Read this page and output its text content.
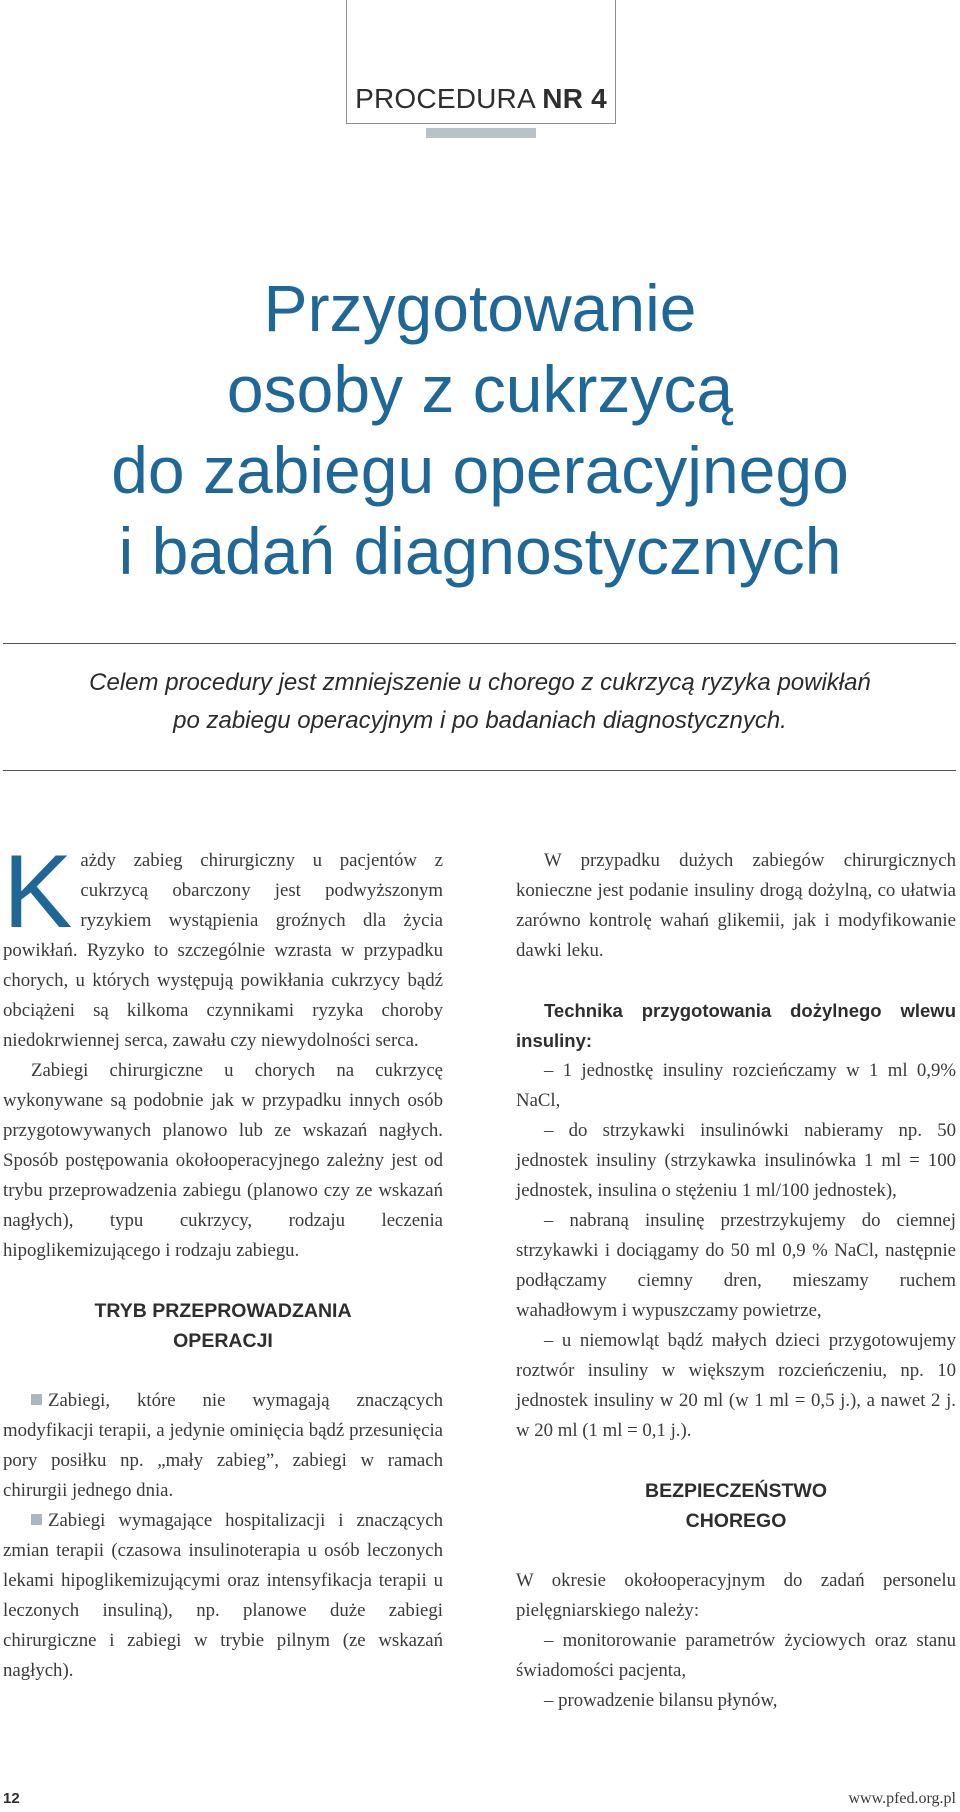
PROCEDURA NR 4
Przygotowanie
osoby z cukrzycą
do zabiegu operacyjnego
i badań diagnostycznych
Celem procedury jest zmniejszenie u chorego z cukrzycą ryzyka powikłań
po zabiegu operacyjnym i po badaniach diagnostycznych.

Każdy zabieg chirurgiczny u pacjentów z cukrzycą obarczony jest podwyższonym ryzykiem wystąpienia groźnych dla życia powikłań. Ryzyko to szczególnie wzrasta w przypadku chorych, u których występują powikłania cukrzycy bądź obciążeni są kilkoma czynnikami ryzyka choroby niedokrwiennej serca, zawału czy niewydolności serca.

Zabiegi chirurgiczne u chorych na cukrzycę wykonywane są podobnie jak w przypadku innych osób przygotowywanych planowo lub ze wskazań nagłych. Sposób postępowania okołooperacyjnego zależny jest od trybu przeprowadzenia zabiegu (planowo czy ze wskazań nagłych), typu cukrzycy, rodzaju leczenia hipoglikemizującego i rodzaju zabiegu.

TRYB PRZEPROWADZANIA
OPERACJI

Zabiegi, które nie wymagają znaczących modyfikacji terapii, a jedynie ominięcia bądź przesunięcia pory posiłku np. „mały zabieg”, zabiegi w ramach chirurgii jednego dnia.

Zabiegi wymagające hospitalizacji i znaczących zmian terapii (czasowa insulinoterapia u osób leczonych lekami hipoglikemizującymi oraz intensyfikacja terapii u leczonych insuliną), np. planowe duże zabiegi chirurgiczne i zabiegi w trybie pilnym (ze wskazań nagłych).

W przypadku dużych zabiegów chirurgicznych konieczne jest podanie insuliny drogą dożylną, co ułatwia zarówno kontrolę wahań glikemii, jak i modyfikowanie dawki leku.

Technika przygotowania dożylnego wlewu insuliny:

– 1 jednostkę insuliny rozcieńczamy w 1 ml 0,9% NaCl,

– do strzykawki insulinówki nabieramy np. 50 jednostek insuliny (strzykawka insulinówka 1 ml = 100 jednostek, insulina o stężeniu 1 ml/100 jednostek),

– nabraną insulinę przestrzykujemy do ciemnej strzykawki i dociągamy do 50 ml 0,9 % NaCl, następnie podłączamy ciemny dren, mieszamy ruchem wahadłowym i wypuszczamy powietrze,

– u niemowląt bądź małych dzieci przygotowujemy roztwór insuliny w większym rozcieńczeniu, np. 10 jednostek insuliny w 20 ml (w 1 ml = 0,5 j.), a nawet 2 j. w 20 ml (1 ml = 0,1 j.).

BEZPIECZEŃSTWO
CHOREGO

W okresie okołooperacyjnym do zadań personelu pielęgniarskiego należy:

– monitorowanie parametrów życiowych oraz stanu świadomości pacjenta,

– prowadzenie bilansu płynów,

12	www.pfed.org.pl
